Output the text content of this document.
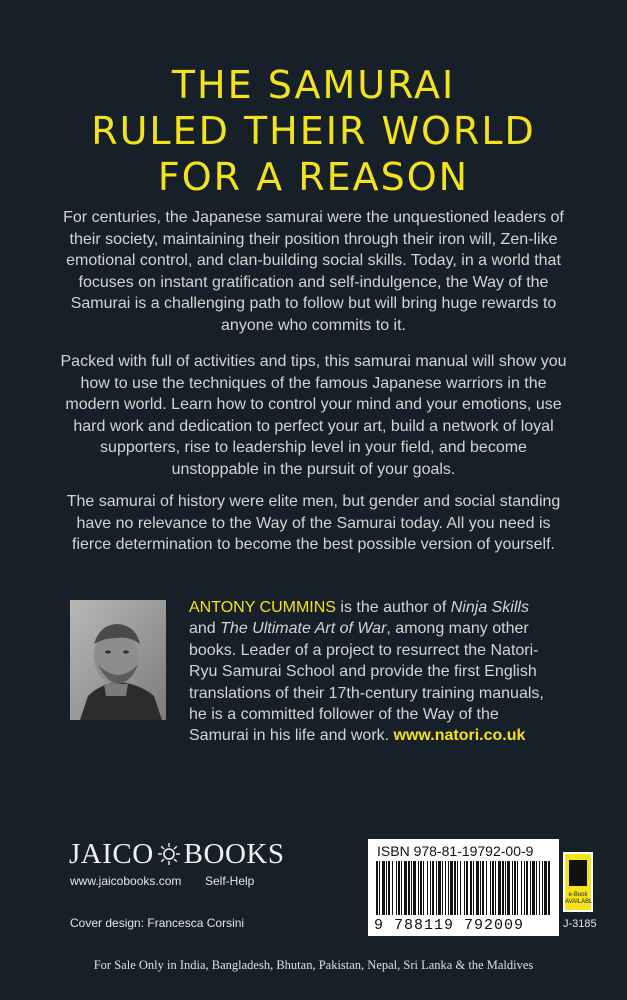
THE SAMURAI
RULED THEIR WORLD
FOR A REASON
For centuries, the Japanese samurai were the unquestioned leaders of their society, maintaining their position through their iron will, Zen-like emotional control, and clan-building social skills. Today, in a world that focuses on instant gratification and self-indulgence, the Way of the Samurai is a challenging path to follow but will bring huge rewards to anyone who commits to it.
Packed with full of activities and tips, this samurai manual will show you how to use the techniques of the famous Japanese warriors in the modern world. Learn how to control your mind and your emotions, use hard work and dedication to perfect your art, build a network of loyal supporters, rise to leadership level in your field, and become unstoppable in the pursuit of your goals.
The samurai of history were elite men, but gender and social standing have no relevance to the Way of the Samurai today. All you need is fierce determination to become the best possible version of yourself.
ANTONY CUMMINS is the author of Ninja Skills and The Ultimate Art of War, among many other books. Leader of a project to resurrect the Natori-Ryu Samurai School and provide the first English translations of their 17th-century training manuals, he is a committed follower of the Way of the Samurai in his life and work. www.natori.co.uk
JAICO BOOKS
www.jaicobooks.com Self-Help
Cover design: Francesca Corsini
ISBN 978-81-19792-00-9
9 788119 792009
e-Book AVAILABLE
J-3185
For Sale Only in India, Bangladesh, Bhutan, Pakistan, Nepal, Sri Lanka & the Maldives
